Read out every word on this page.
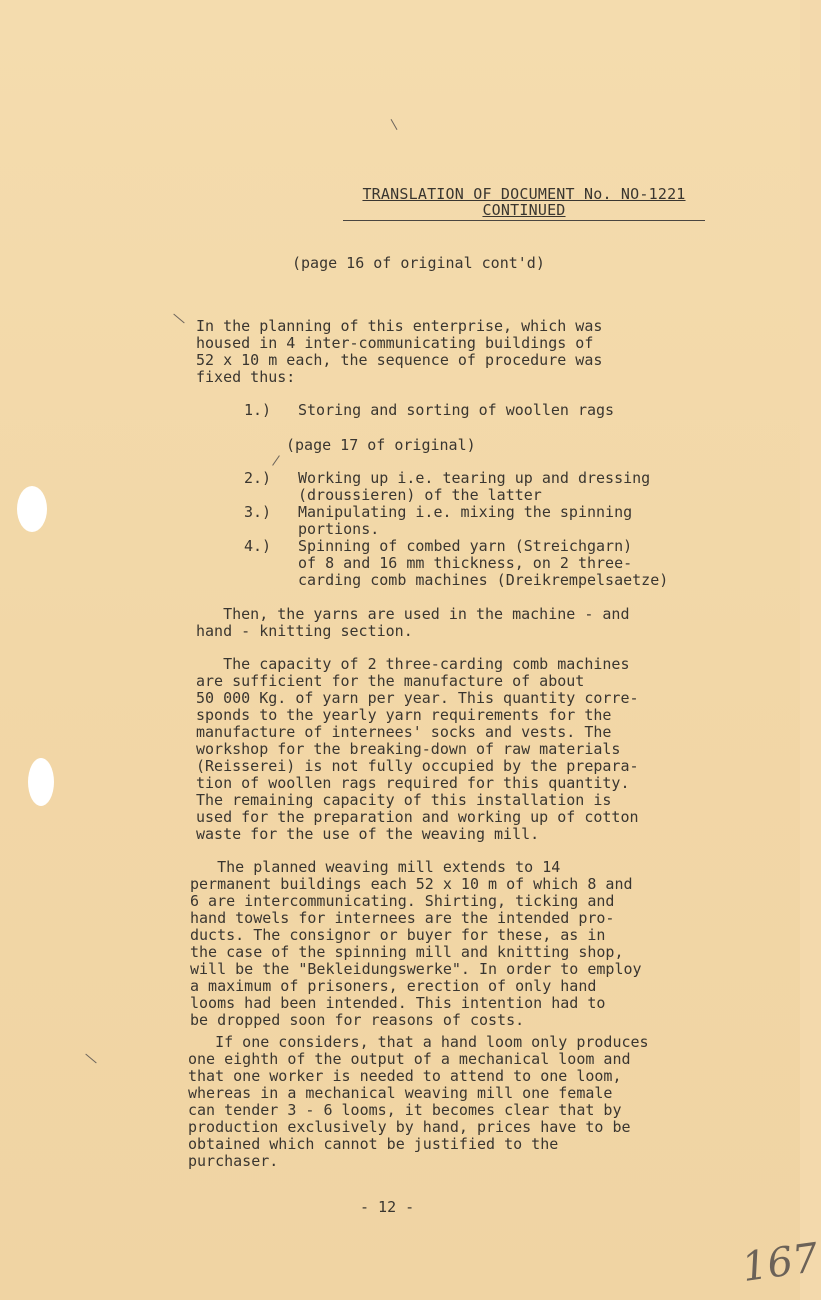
TRANSLATION OF DOCUMENT No. NO-1221
CONTINUED
(page 16 of original cont'd)

In the planning of this enterprise, which was
housed in 4 inter-communicating buildings of
52 x 10 m each, the sequence of procedure was
fixed thus:

1.) Storing and sorting of woollen rags
(page 17 of original)
2.) Working up i.e. tearing up and dressing
(droussieren) of the latter
3.) Manipulating i.e. mixing the spinning
portions.
4.) Spinning of combed yarn (Streichgarn)
of 8 and 16 mm thickness, on 2 three-
carding comb machines (Dreikrempelsaetze)

Then, the yarns are used in the machine - and
hand - knitting section.

The capacity of 2 three-carding comb machines
are sufficient for the manufacture of about
50 000 Kg. of yarn per year. This quantity corre-
sponds to the yearly yarn requirements for the
manufacture of internees' socks and vests. The
workshop for the breaking-down of raw materials
(Reisserei) is not fully occupied by the prepara-
tion of woollen rags required for this quantity.
The remaining capacity of this installation is
used for the preparation and working up of cotton
waste for the use of the weaving mill.

The planned weaving mill extends to 14
permanent buildings each 52 x 10 m of which 8 and
6 are intercommunicating. Shirting, ticking and
hand towels for internees are the intended pro-
ducts. The consignor or buyer for these, as in
the case of the spinning mill and knitting shop,
will be the "Bekleidungswerke". In order to employ
a maximum of prisoners, erection of only hand
looms had been intended. This intention had to
be dropped soon for reasons of costs.

If one considers, that a hand loom only produces
one eighth of the output of a mechanical loom and
that one worker is needed to attend to one loom,
whereas in a mechanical weaving mill one female
can tender 3 - 6 looms, it becomes clear that by
production exclusively by hand, prices have to be
obtained which cannot be justified to the
purchaser.

- 12 -
167
